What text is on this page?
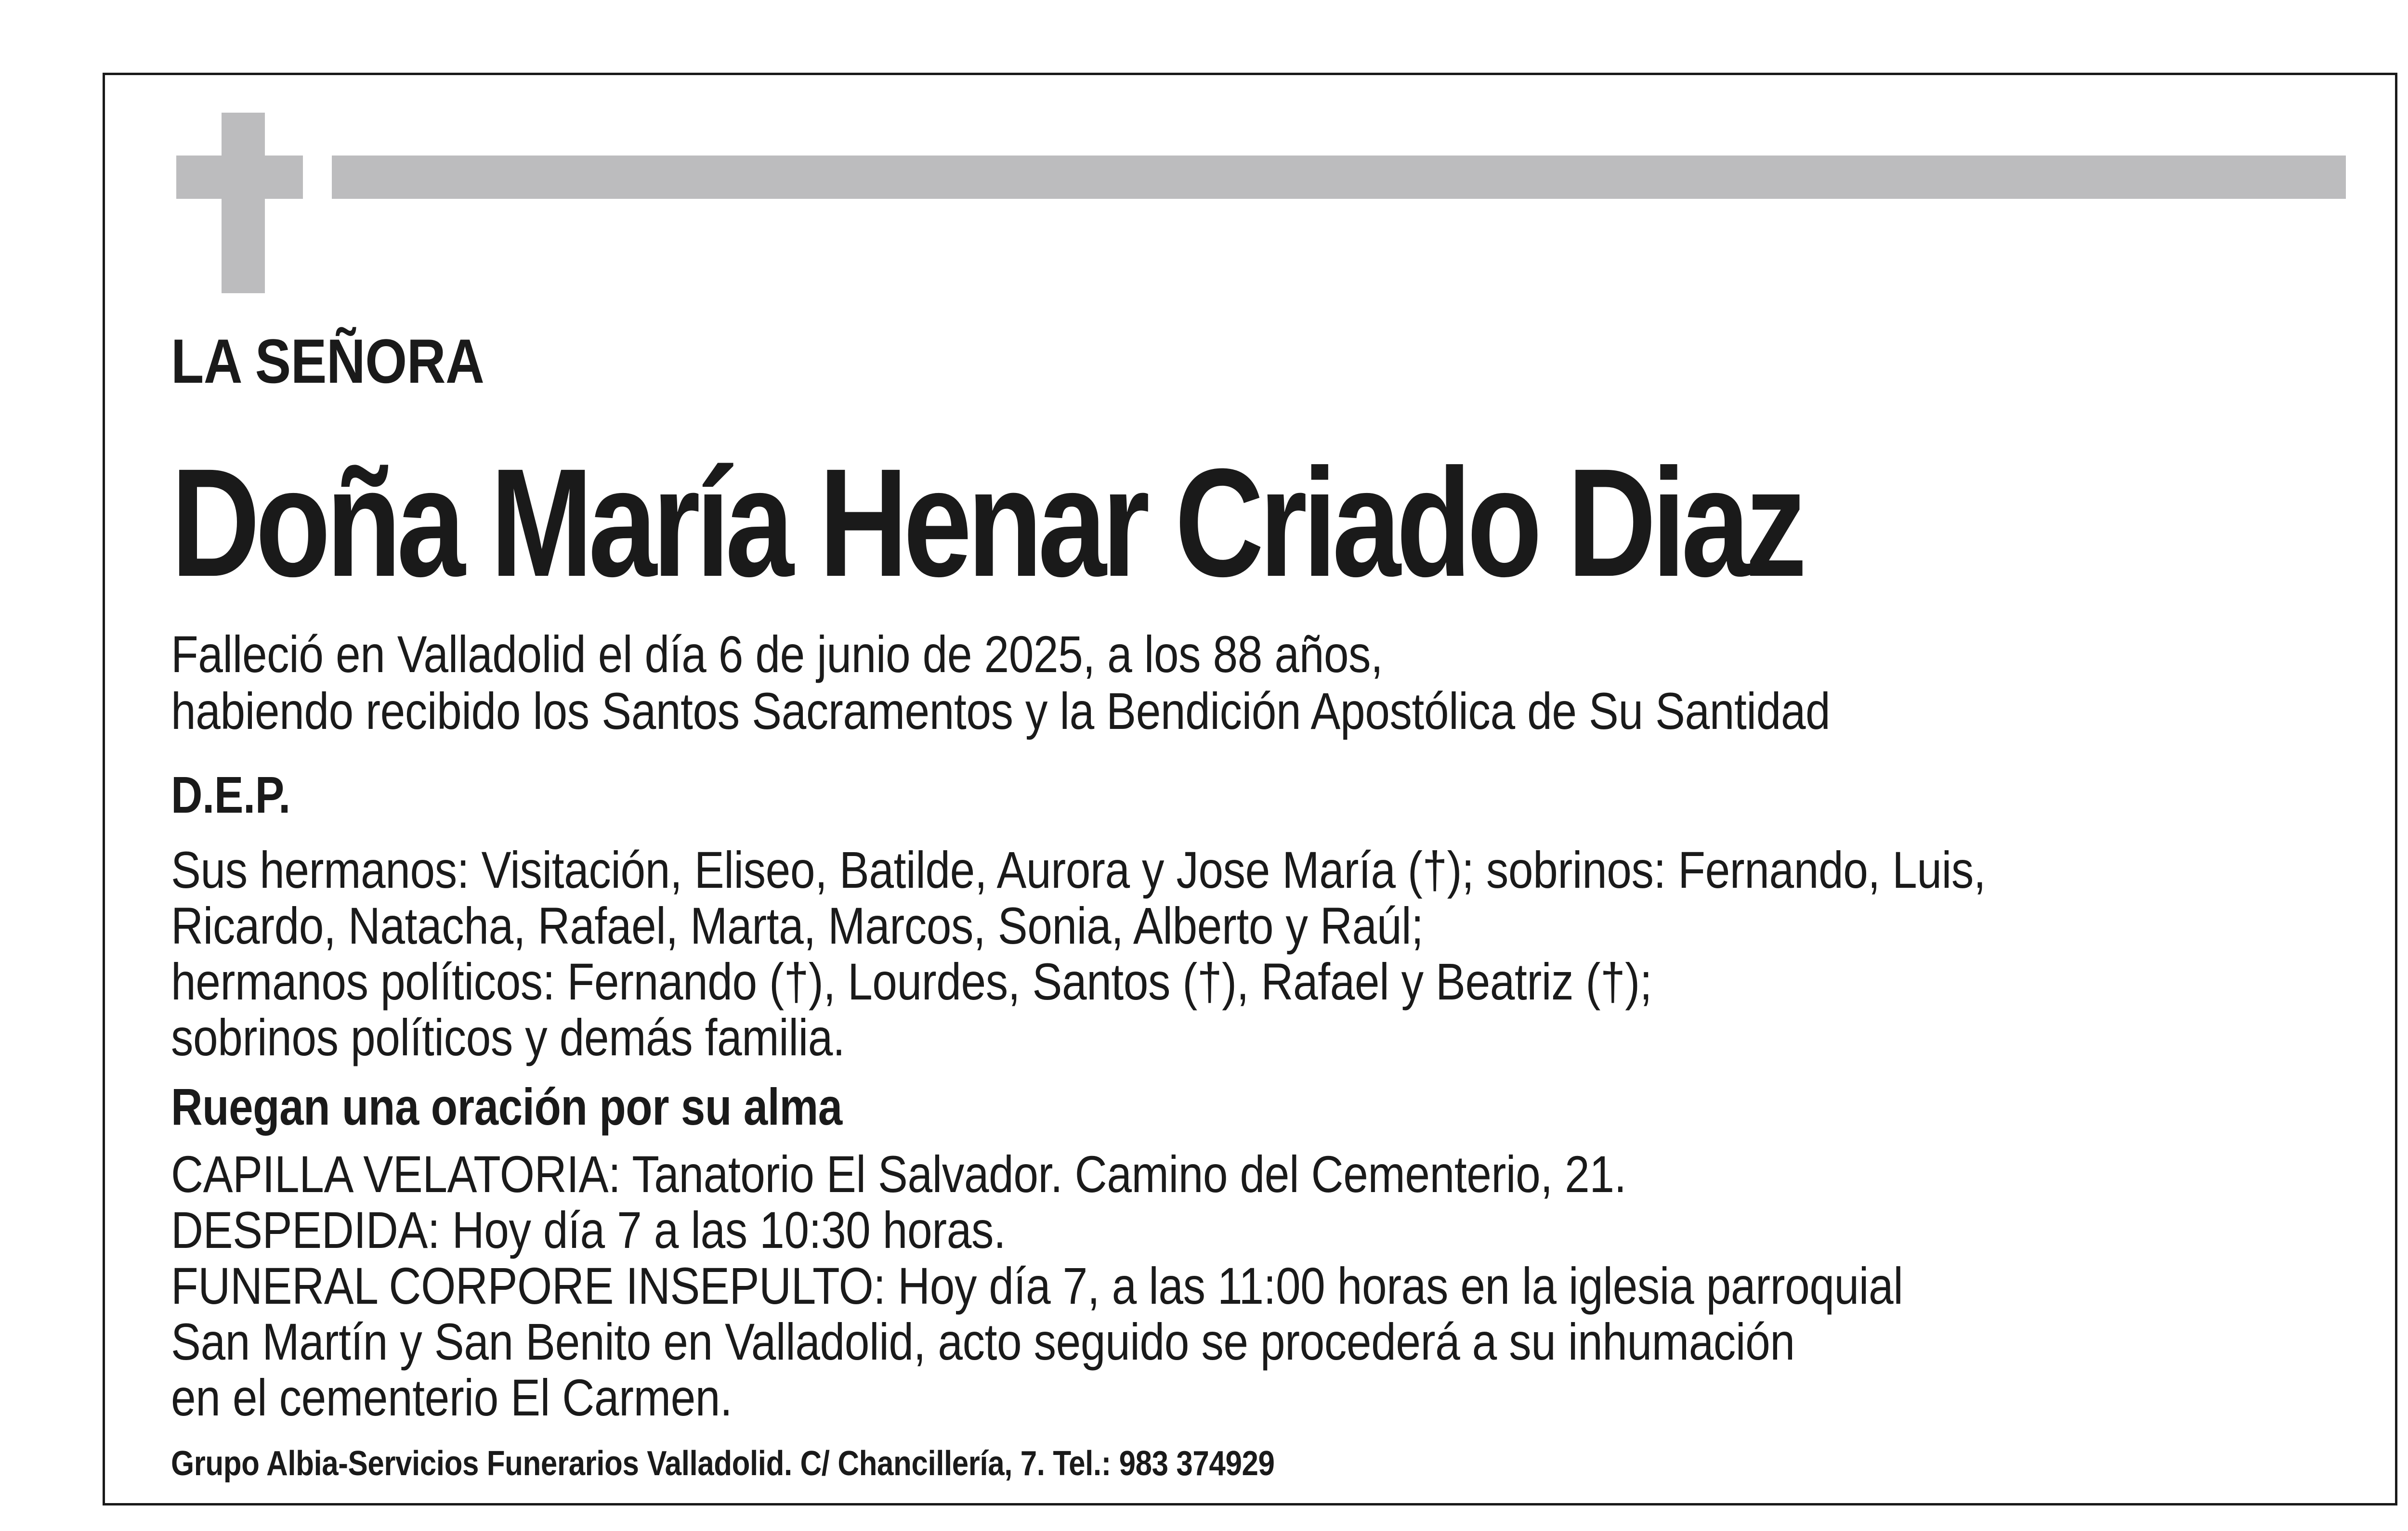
LA SEÑORA
Doña María Henar Criado Diaz
Falleció en Valladolid el día 6 de junio de 2025, a los 88 años,
habiendo recibido los Santos Sacramentos y la Bendición Apostólica de Su Santidad
D.E.P.
Sus hermanos: Visitación, Eliseo, Batilde, Aurora y Jose María (†); sobrinos: Fernando, Luis,
Ricardo, Natacha, Rafael, Marta, Marcos, Sonia, Alberto y Raúl;
hermanos políticos: Fernando (†), Lourdes, Santos (†), Rafael y Beatriz (†);
sobrinos políticos y demás familia.
Ruegan una oración por su alma
CAPILLA VELATORIA: Tanatorio El Salvador. Camino del Cementerio, 21.
DESPEDIDA: Hoy día 7 a las 10:30 horas.
FUNERAL CORPORE INSEPULTO: Hoy día 7, a las 11:00 horas en la iglesia parroquial
San Martín y San Benito en Valladolid, acto seguido se procederá a su inhumación
en el cementerio El Carmen.
Grupo Albia-Servicios Funerarios Valladolid. C/ Chancillería, 7. Tel.: 983 374929
